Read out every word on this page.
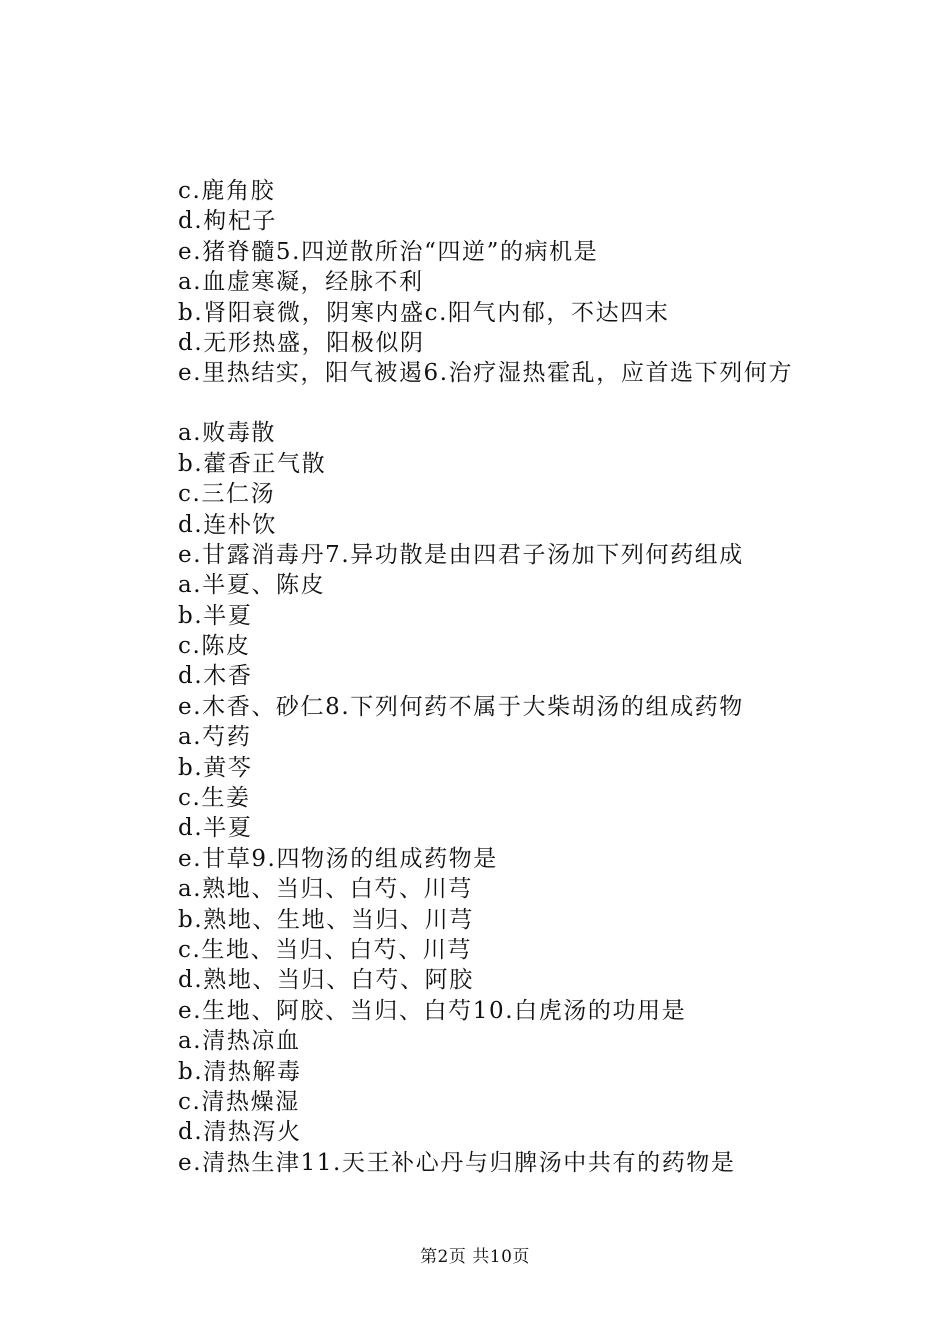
c.鹿角胶
d.枸杞子
e.猪脊髓5.四逆散所治“四逆”的病机是
a.血虚寒凝，经脉不利
b.肾阳衰微，阴寒内盛c.阳气内郁，不达四末
d.无形热盛，阳极似阴
e.里热结实，阳气被遏6.治疗湿热霍乱，应首选下列何方
a.败毒散
b.藿香正气散
c.三仁汤
d.连朴饮
e.甘露消毒丹7.异功散是由四君子汤加下列何药组成
a.半夏、陈皮
b.半夏
c.陈皮
d.木香
e.木香、砂仁8.下列何药不属于大柴胡汤的组成药物
a.芍药
b.黄芩
c.生姜
d.半夏
e.甘草9.四物汤的组成药物是
a.熟地、当归、白芍、川芎
b.熟地、生地、当归、川芎
c.生地、当归、白芍、川芎
d.熟地、当归、白芍、阿胶
e.生地、阿胶、当归、白芍10.白虎汤的功用是
a.清热凉血
b.清热解毒
c.清热燥湿
d.清热泻火
e.清热生津11.天王补心丹与归脾汤中共有的药物是
第2页 共10页
